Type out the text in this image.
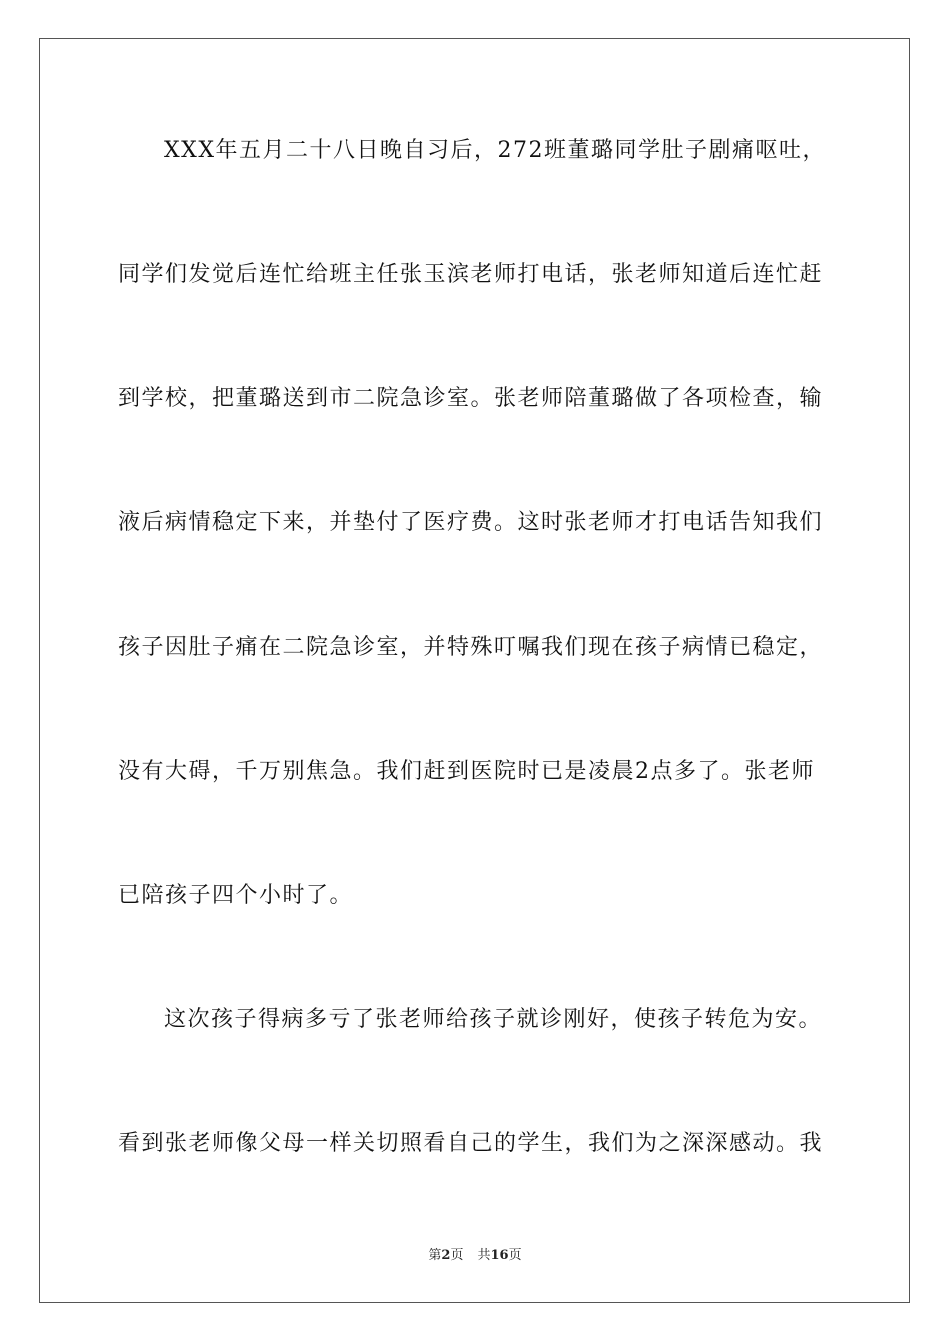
XXX年五月二十八日晚自习后，272班董璐同学肚子剧痛呕吐，
同学们发觉后连忙给班主任张玉滨老师打电话，张老师知道后连忙赶
到学校，把董璐送到市二院急诊室。张老师陪董璐做了各项检查，输
液后病情稳定下来，并垫付了医疗费。这时张老师才打电话告知我们
孩子因肚子痛在二院急诊室，并特殊叮嘱我们现在孩子病情已稳定，
没有大碍，千万别焦急。我们赶到医院时已是凌晨2点多了。张老师
已陪孩子四个小时了。
这次孩子得病多亏了张老师给孩子就诊刚好，使孩子转危为安。
看到张老师像父母一样关切照看自己的学生，我们为之深深感动。我
第2页 共16页
